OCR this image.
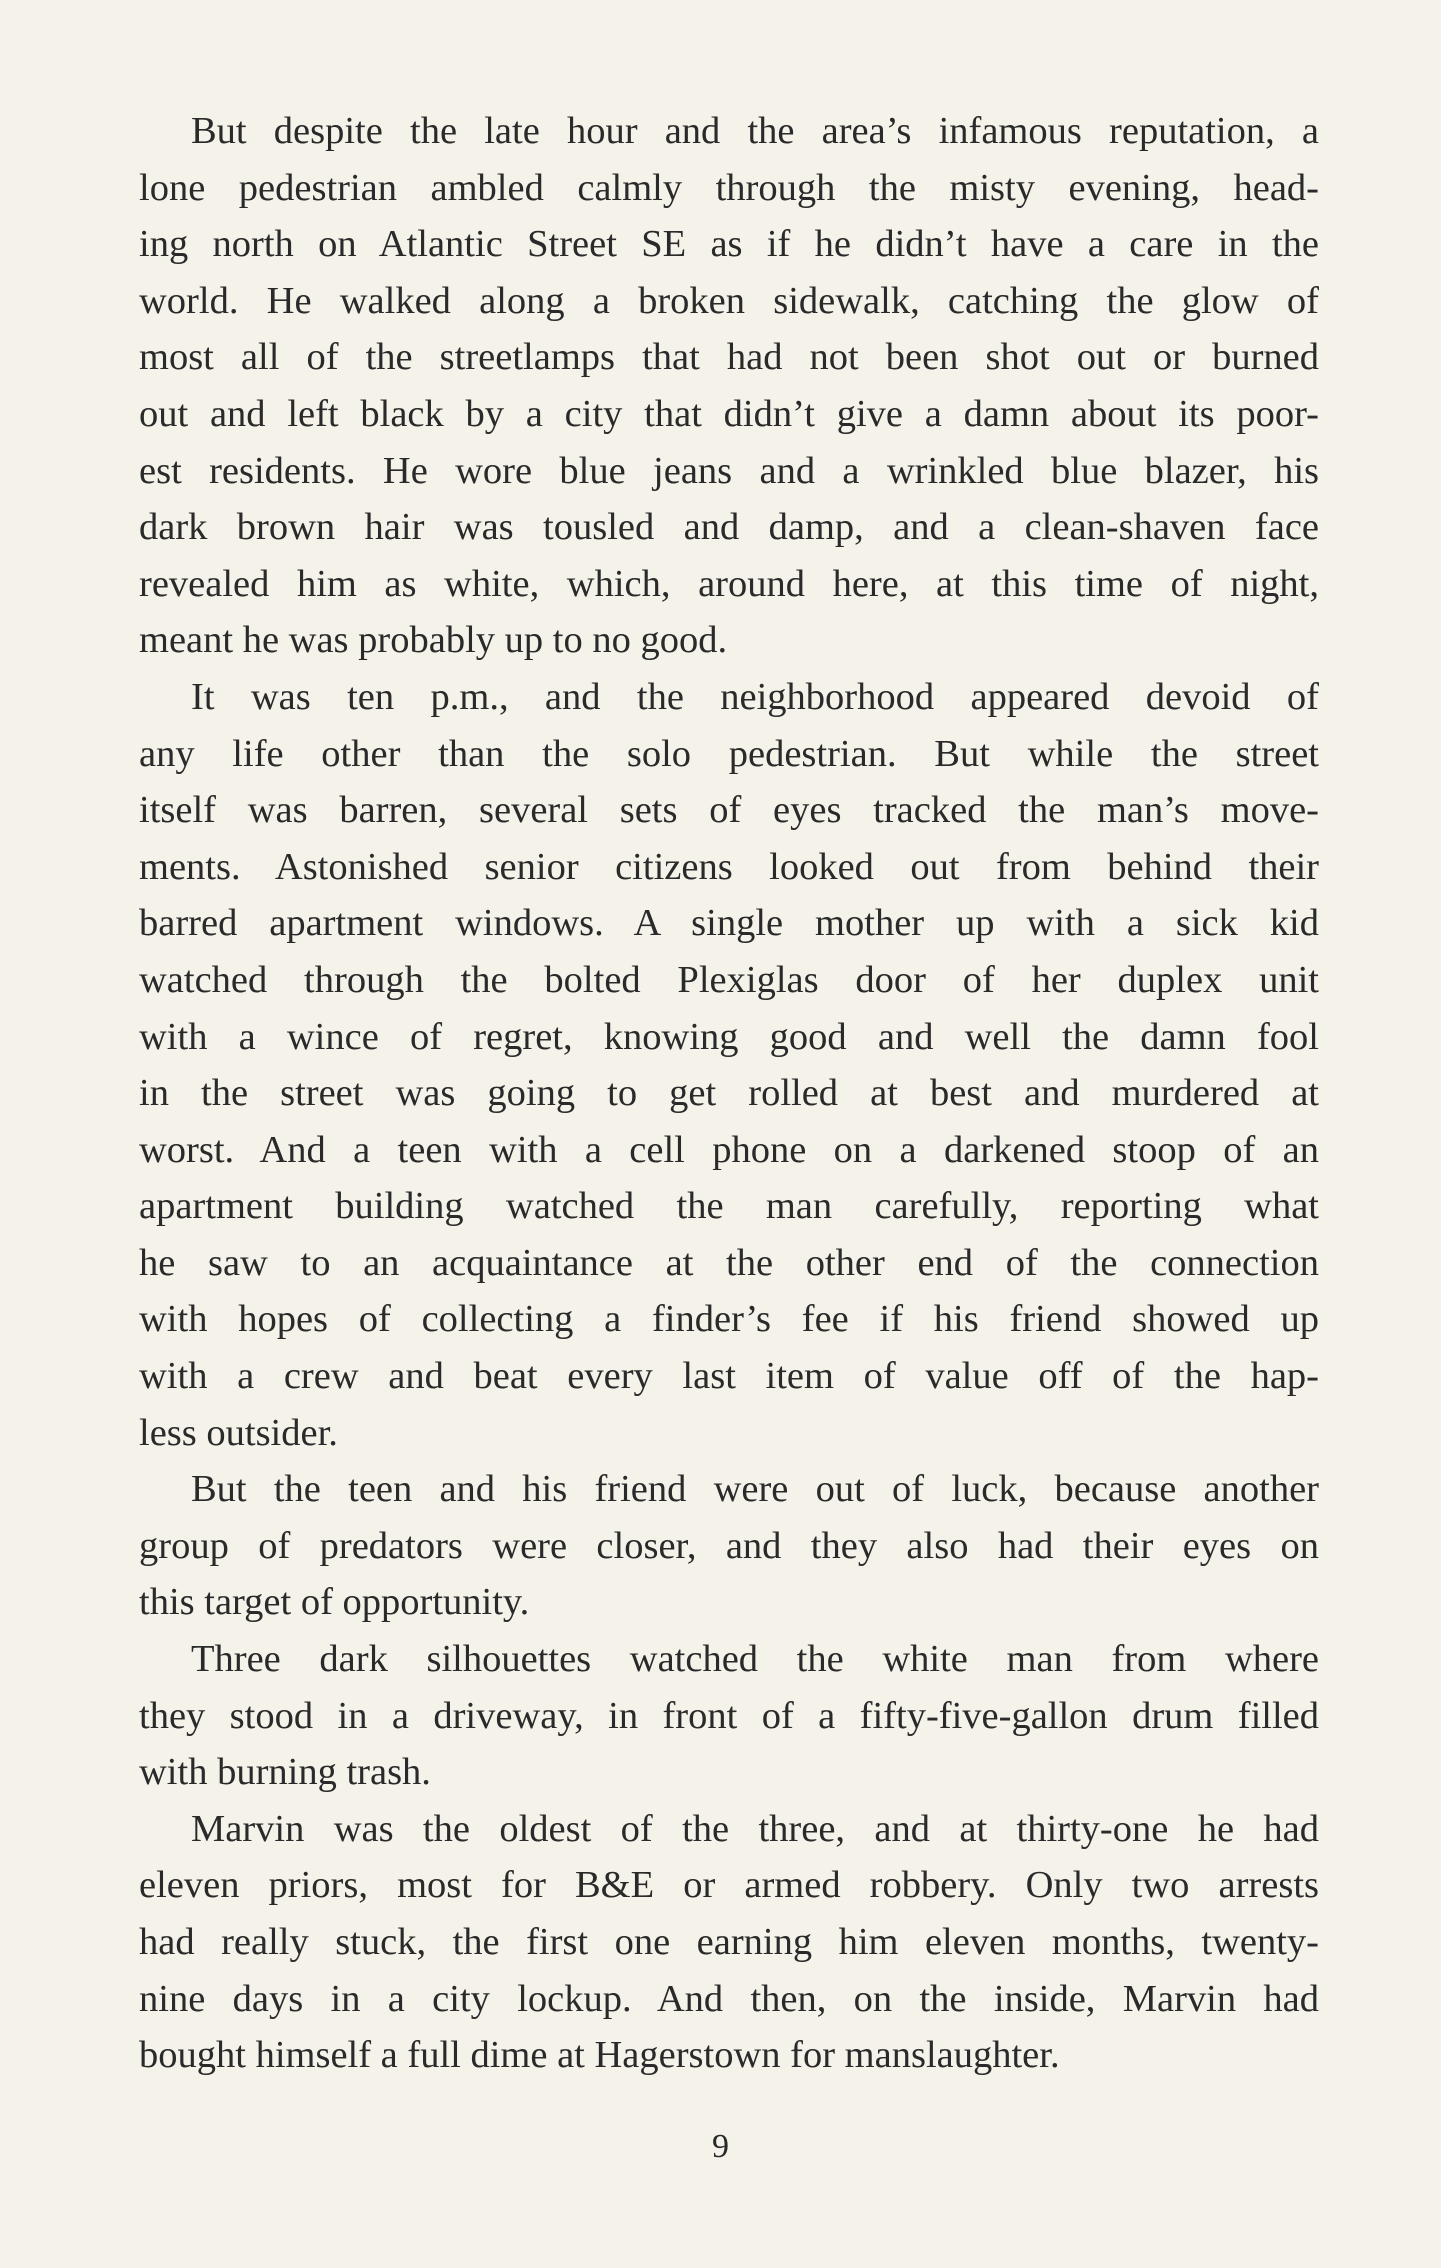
But despite the late hour and the area’s infamous reputation, a
lone pedestrian ambled calmly through the misty evening, head-
ing north on Atlantic Street SE as if he didn’t have a care in the
world. He walked along a broken sidewalk, catching the glow of
most all of the streetlamps that had not been shot out or burned
out and left black by a city that didn’t give a damn about its poor-
est residents. He wore blue jeans and a wrinkled blue blazer, his
dark brown hair was tousled and damp, and a clean-shaven face
revealed him as white, which, around here, at this time of night,
meant he was probably up to no good.
It was ten p.m., and the neighborhood appeared devoid of
any life other than the solo pedestrian. But while the street
itself was barren, several sets of eyes tracked the man’s move-
ments. Astonished senior citizens looked out from behind their
barred apartment windows. A single mother up with a sick kid
watched through the bolted Plexiglas door of her duplex unit
with a wince of regret, knowing good and well the damn fool
in the street was going to get rolled at best and murdered at
worst. And a teen with a cell phone on a darkened stoop of an
apartment building watched the man carefully, reporting what
he saw to an acquaintance at the other end of the connection
with hopes of collecting a finder’s fee if his friend showed up
with a crew and beat every last item of value off of the hap-
less outsider.
But the teen and his friend were out of luck, because another
group of predators were closer, and they also had their eyes on
this target of opportunity.
Three dark silhouettes watched the white man from where
they stood in a driveway, in front of a fifty-five-gallon drum filled
with burning trash.
Marvin was the oldest of the three, and at thirty-one he had
eleven priors, most for B&E or armed robbery. Only two arrests
had really stuck, the first one earning him eleven months, twenty-
nine days in a city lockup. And then, on the inside, Marvin had
bought himself a full dime at Hagerstown for manslaughter.
9
